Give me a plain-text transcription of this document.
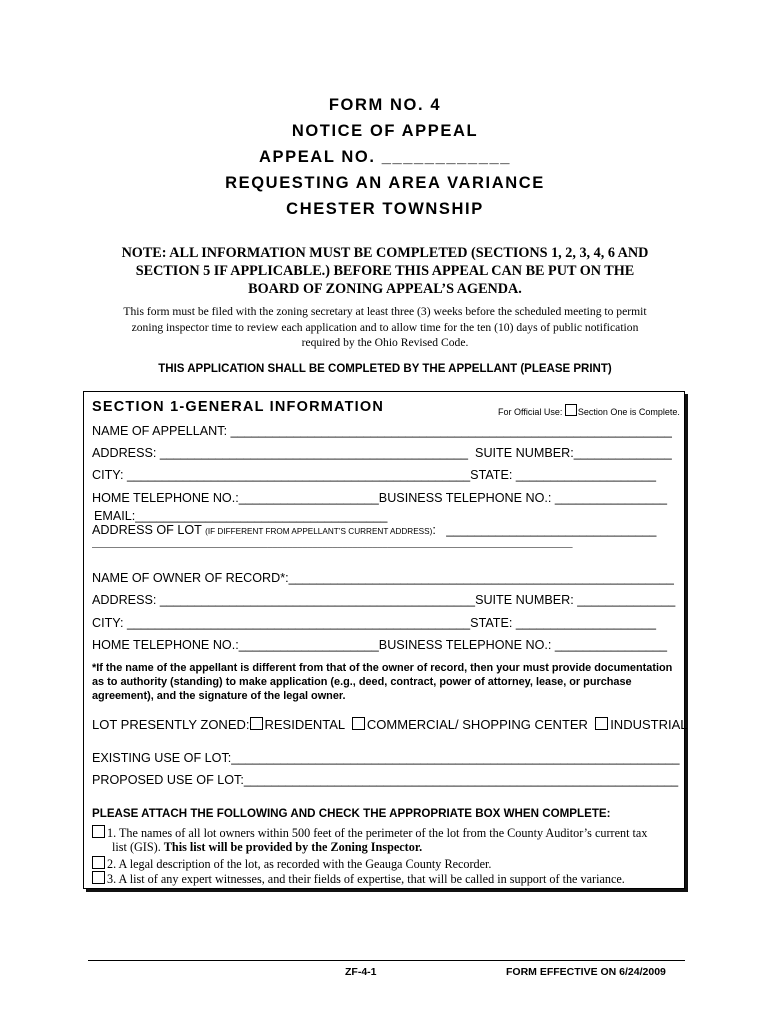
FORM NO. 4
NOTICE OF APPEAL
APPEAL NO. ____________
REQUESTING AN AREA VARIANCE
CHESTER TOWNSHIP
NOTE: ALL INFORMATION MUST BE COMPLETED (SECTIONS 1, 2, 3, 4, 6 AND
SECTION 5 IF APPLICABLE.) BEFORE THIS APPEAL CAN BE PUT ON THE
BOARD OF ZONING APPEAL’S AGENDA.
This form must be filed with the zoning secretary at least three (3) weeks before the scheduled meeting to permit
zoning inspector time to review each application and to allow time for the ten (10) days of public notification
required by the Ohio Revised Code.
THIS APPLICATION SHALL BE COMPLETED BY THE APPELLANT (PLEASE PRINT)
SECTION 1-GENERAL INFORMATION	For Official Use: Section One is Complete.
NAME OF APPELLANT: _______________________________________________________________
ADDRESS: ____________________________________________  SUITE NUMBER:______________
CITY: _________________________________________________STATE: ____________________
HOME TELEPHONE NO.:____________________BUSINESS TELEPHONE NO.: ________________
EMAIL:____________________________________
ADDRESS OF LOT (IF DIFFERENT FROM APPELLANT’S CURRENT ADDRESS):   ______________________________
________________________________________________________________________________________________
NAME OF OWNER OF RECORD*:_______________________________________________________
ADDRESS: _____________________________________________SUITE NUMBER: ______________
CITY: _________________________________________________STATE: ____________________
HOME TELEPHONE NO.:____________________BUSINESS TELEPHONE NO.: ________________
*If the name of the appellant is different from that of the owner of record, then your must provide documentation as to authority (standing) to make application (e.g., deed, contract, power of attorney, lease, or purchase agreement), and the signature of the legal owner.
LOT PRESENTLY ZONED: RESIDENTAL COMMERCIAL/ SHOPPING CENTER INDUSTRIAL
EXISTING USE OF LOT:________________________________________________________________
PROPOSED USE OF LOT:______________________________________________________________
PLEASE ATTACH THE FOLLOWING AND CHECK THE APPROPRIATE BOX WHEN COMPLETE:
1. The names of all lot owners within 500 feet of the perimeter of the lot from the County Auditor’s current tax
list (GIS). This list will be provided by the Zoning Inspector.
2. A legal description of the lot, as recorded with the Geauga County Recorder.
3. A list of any expert witnesses, and their fields of expertise, that will be called in support of the variance.
ZF-4-1	FORM EFFECTIVE ON 6/24/2009
